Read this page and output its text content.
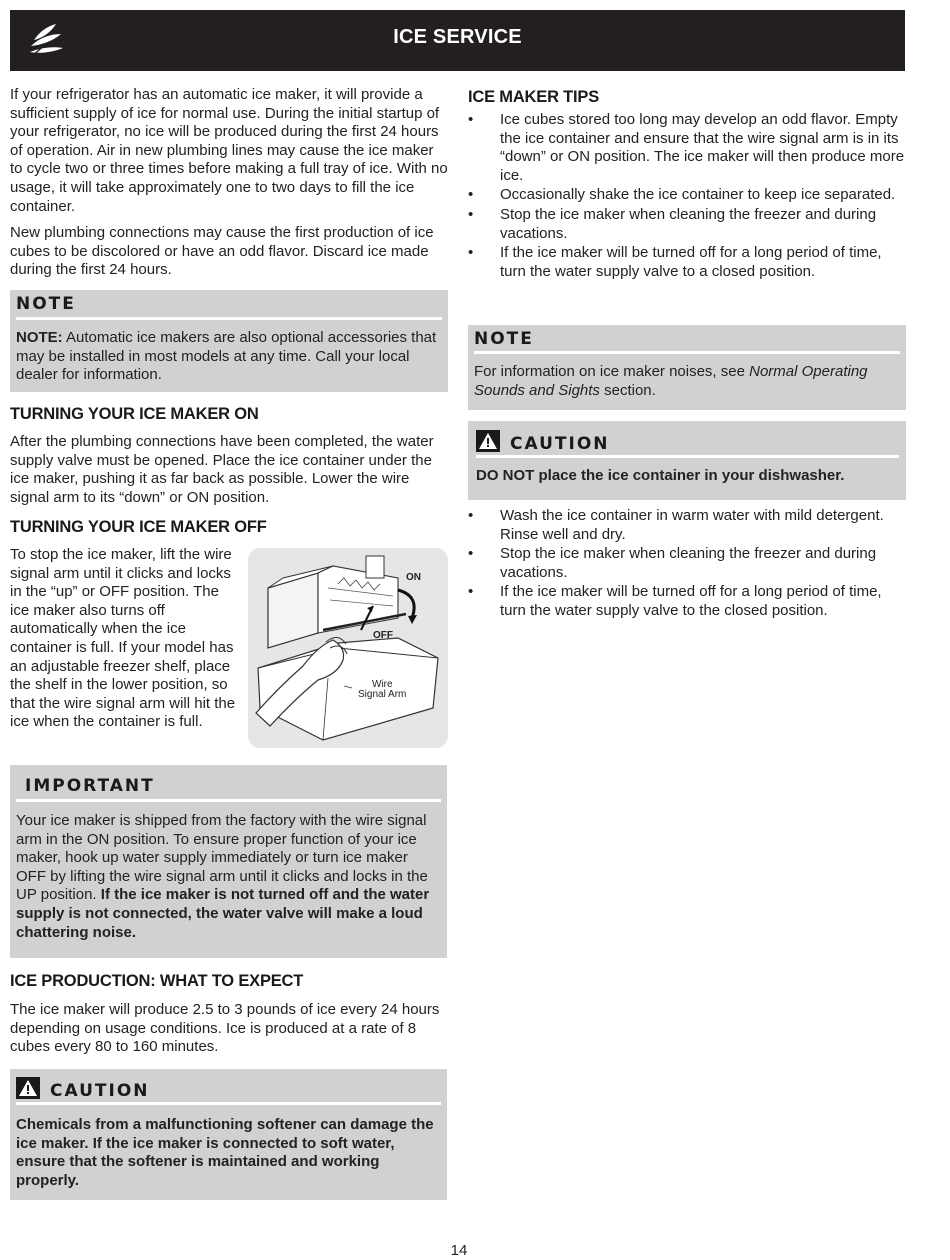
ICE SERVICE

If your refrigerator has an automatic ice maker, it will provide a sufficient supply of ice for normal use. During the initial startup of your refrigerator, no ice will be produced during the first 24 hours of operation. Air in new plumbing lines may cause the ice maker to cycle two or three times before making a full tray of ice. With no usage, it will take approximately one to two days to fill the ice container.

New plumbing connections may cause the first production of ice cubes to be discolored or have an odd flavor. Discard ice made during the first 24 hours.

NOTE

NOTE: Automatic ice makers are also optional accessories that may be installed in most models at any time. Call your local dealer for information.

TURNING YOUR ICE MAKER ON

After the plumbing connections have been completed, the water supply valve must be opened. Place the ice container under the ice maker, pushing it as far back as possible. Lower the wire signal arm to its “down” or ON position.

TURNING YOUR ICE MAKER OFF

To stop the ice maker, lift the wire signal arm until it clicks and locks in the “up” or OFF position. The ice maker also turns off automatically when the ice container is full. If your model has an adjustable freezer shelf, place the shelf in the lower position, so that the wire signal arm will hit the ice when the container is full.

ON
OFF
Wire
Signal Arm
IMPORTANT

Your ice maker is shipped from the factory with the wire signal arm in the ON position. To ensure proper function of your ice maker, hook up water supply immediately or turn ice maker OFF by lifting the wire signal arm until it clicks and locks in the UP position. If the ice maker is not turned off and the water supply is not connected, the water valve will make a loud chattering noise.

ICE PRODUCTION: WHAT TO EXPECT

The ice maker will produce 2.5 to 3 pounds of ice every 24 hours depending on usage conditions. Ice is produced at a rate of 8 cubes every 80 to 160 minutes.

CAUTION

Chemicals from a malfunctioning softener can damage the ice maker. If the ice maker is connected to soft water, ensure that the softener is maintained and working properly.

ICE MAKER TIPS
• Ice cubes stored too long may develop an odd flavor. Empty the ice container and ensure that the wire signal arm is in its “down” or ON position. The ice maker will then produce more ice.
• Occasionally shake the ice container to keep ice separated.
• Stop the ice maker when cleaning the freezer and during vacations.
• If the ice maker will be turned off for a long period of time, turn the water supply valve to a closed position.
NOTE

For information on ice maker noises, see Normal Operating Sounds and Sights section.

CAUTION

DO NOT place the ice container in your dishwasher.

• Wash the ice container in warm water with mild detergent. Rinse well and dry.
• Stop the ice maker when cleaning the freezer and during vacations.
• If the ice maker will be turned off for a long period of time, turn the water supply valve to the closed position.
14
